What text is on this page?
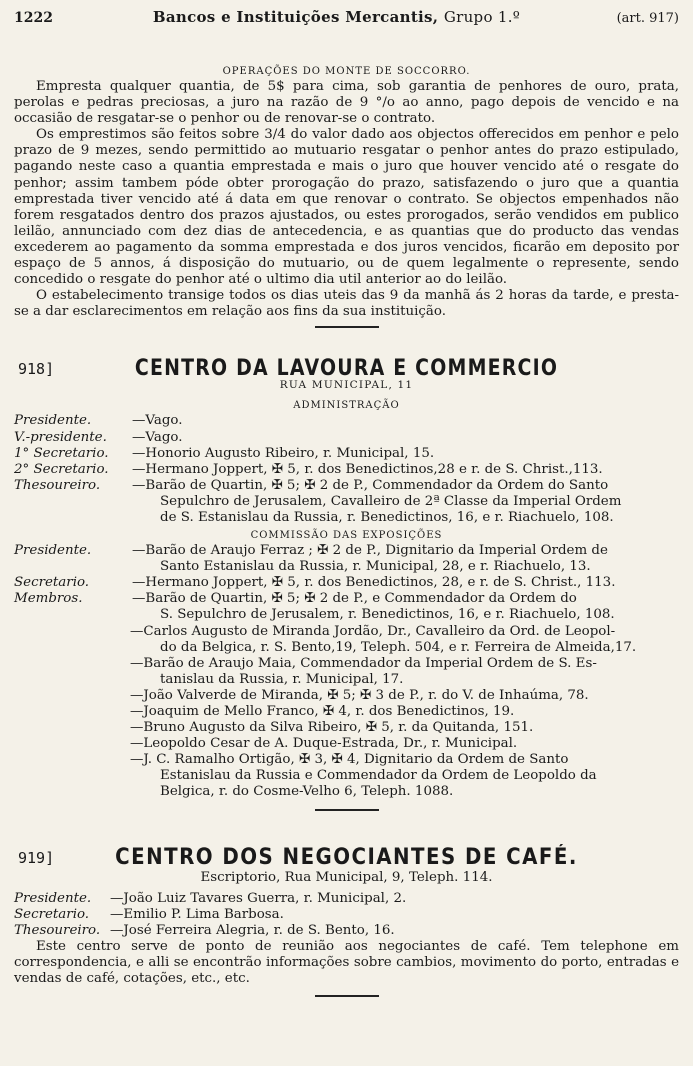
1222	Bancos e Instituições Mercantis, Grupo 1.º	(art. 917)
OPERAÇÕES DO MONTE DE SOCCORRO.

Empresta qualquer quantia, de 5$ para cima, sob garantia de penhores de ouro, prata, perolas e pedras preciosas, a juro na razão de 9 °/o ao anno, pago depois de vencido e na occasião de resgatar-se o penhor ou de renovar-se o contrato.

Os emprestimos são feitos sobre 3/4 do valor dado aos objectos offerecidos em penhor e pelo prazo de 9 mezes, sendo permittido ao mutuario resgatar o penhor antes do prazo estipulado, pagando neste caso a quantia emprestada e mais o juro que houver vencido até o resgate do penhor; assim tambem póde obter prorogação do prazo, satisfazendo o juro que a quantia emprestada tiver vencido até á data em que renovar o contrato. Se objectos empenhados não forem resgatados dentro dos prazos ajustados, ou estes prorogados, serão vendidos em publico leilão, annunciado com dez dias de antecedencia, e as quantias que do producto das vendas excederem ao pagamento da somma emprestada e dos juros vencidos, ficarão em deposito por espaço de 5 annos, á disposição do mutuario, ou de quem legalmente o represente, sendo concedido o resgate do penhor até o ultimo dia util anterior ao do leilão.

O estabelecimento transige todos os dias uteis das 9 da manhã ás 2 horas da tarde, e presta-se a dar esclarecimentos em relação aos fins da sua instituição.

918]	CENTRO DA LAVOURA E COMMERCIO
RUA MUNICIPAL, 11
ADMINISTRAÇÃO
Presidente.	—Vago.
V.-presidente.	—Vago.
1° Secretario.	—Honorio Augusto Ribeiro, r. Municipal, 15.
2° Secretario.	—Hermano Joppert, ✠ 5, r. dos Benedictinos,28 e r. de S. Christ.,113.
Thesoureiro.	—Barão de Quartin, ✠ 5; ✠ 2 de P., Commendador da Ordem do Santo
Sepulchro de Jerusalem, Cavalleiro de 2ª Classe da Imperial Ordem
de S. Estanislau da Russia, r. Benedictinos, 16, e r. Riachuelo, 108.
COMMISSÃO DAS EXPOSIÇÕES
Presidente.	—Barão de Araujo Ferraz ; ✠ 2 de P., Dignitario da Imperial Ordem de
Santo Estanislau da Russia, r. Municipal, 28, e r. Riachuelo, 13.
Secretario.	—Hermano Joppert, ✠ 5, r. dos Benedictinos, 28, e r. de S. Christ., 113.
Membros.	—Barão de Quartin, ✠ 5; ✠ 2 de P., e Commendador da Ordem do
S. Sepulchro de Jerusalem, r. Benedictinos, 16, e r. Riachuelo, 108.
—Carlos Augusto de Miranda Jordão, Dr., Cavalleiro da Ord. de Leopol-
do da Belgica, r. S. Bento,19, Teleph. 504, e r. Ferreira de Almeida,17.
—Barão de Araujo Maia, Commendador da Imperial Ordem de S. Es-
tanislau da Russia, r. Municipal, 17.
—João Valverde de Miranda, ✠ 5; ✠ 3 de P., r. do V. de Inhaúma, 78.
—Joaquim de Mello Franco, ✠ 4, r. dos Benedictinos, 19.
—Bruno Augusto da Silva Ribeiro, ✠ 5, r. da Quitanda, 151.
—Leopoldo Cesar de A. Duque-Estrada, Dr., r. Municipal.
—J. C. Ramalho Ortigão, ✠ 3, ✠ 4, Dignitario da Ordem de Santo
Estanislau da Russia e Commendador da Ordem de Leopoldo da
Belgica, r. do Cosme-Velho 6, Teleph. 1088.
919]	CENTRO DOS NEGOCIANTES DE CAFÉ.
Escriptorio, Rua Municipal, 9, Teleph. 114.
Presidente.	—João Luiz Tavares Guerra, r. Municipal, 2.
Secretario.	—Emilio P. Lima Barbosa.
Thesoureiro. —José Ferreira Alegria, r. de S. Bento, 16.

Este centro serve de ponto de reunião aos negociantes de café. Tem telephone em correspondencia, e alli se encontrão informações sobre cambios, movimento do porto, entradas e vendas de café, cotações, etc., etc.
